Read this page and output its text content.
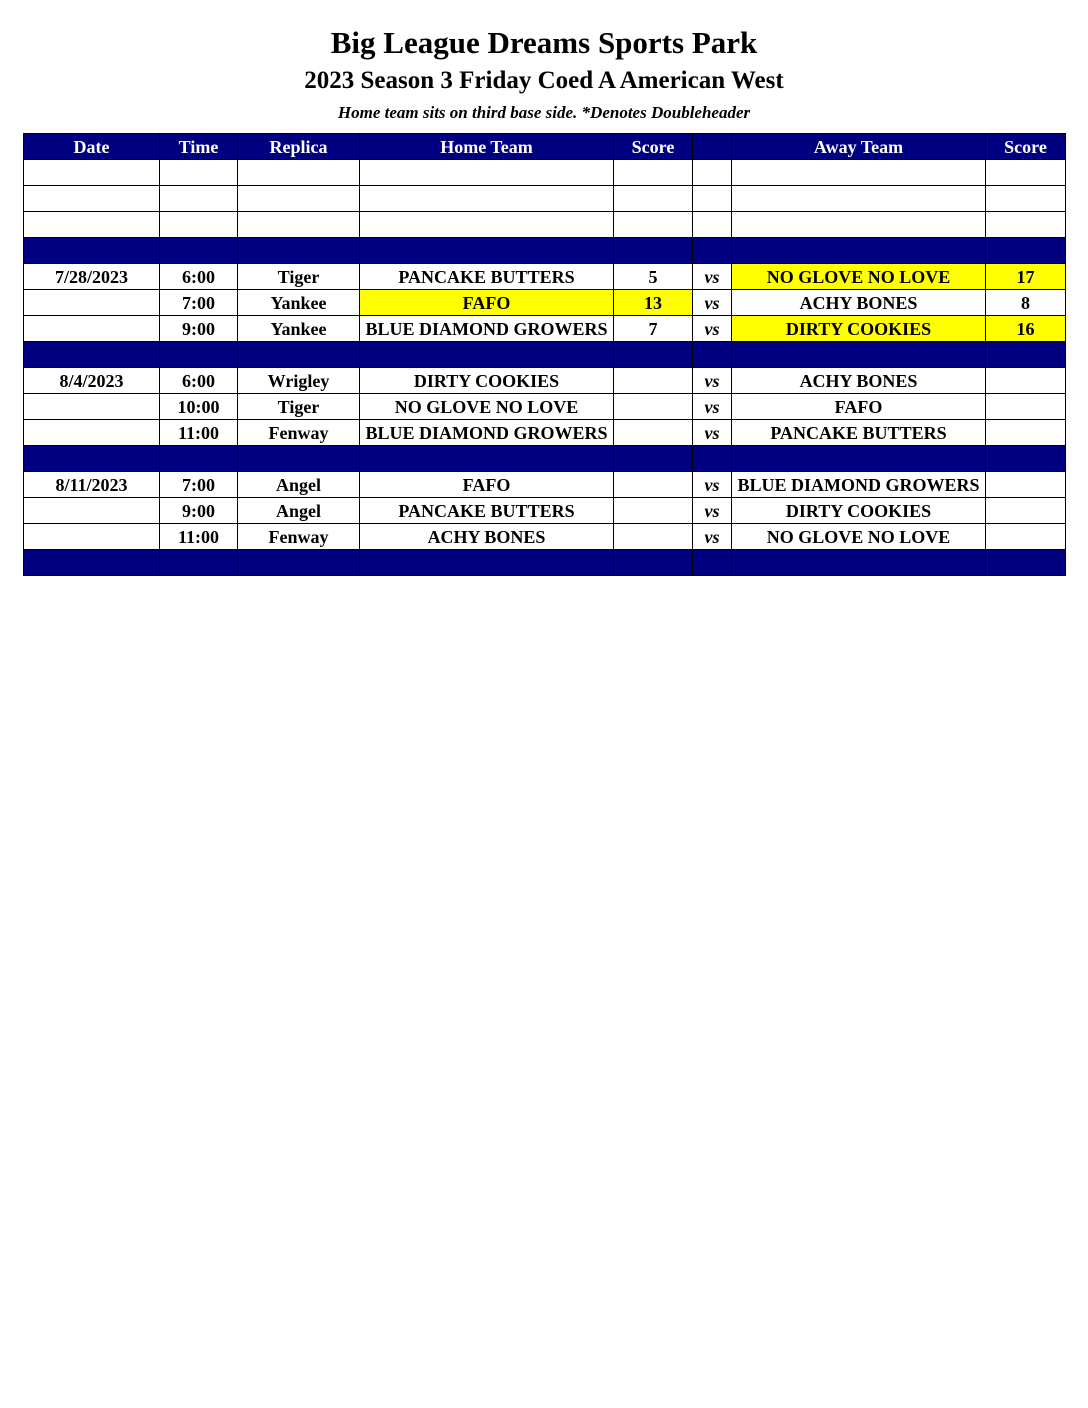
Big League Dreams Sports Park
2023 Season 3 Friday Coed A American West
Home team sits on third base side. *Denotes Doubleheader
Date	Time	Replica	Home Team	Score		Away Team	Score

7/28/2023	6:00	Tiger	PANCAKE BUTTERS	5	vs	NO GLOVE NO LOVE	17
	7:00	Yankee	FAFO	13	vs	ACHY BONES	8
	9:00	Yankee	BLUE DIAMOND GROWERS	7	vs	DIRTY COOKIES	16

8/4/2023	6:00	Wrigley	DIRTY COOKIES		vs	ACHY BONES	
	10:00	Tiger	NO GLOVE NO LOVE		vs	FAFO	
	11:00	Fenway	BLUE DIAMOND GROWERS		vs	PANCAKE BUTTERS	

8/11/2023	7:00	Angel	FAFO		vs	BLUE DIAMOND GROWERS	
	9:00	Angel	PANCAKE BUTTERS		vs	DIRTY COOKIES	
	11:00	Fenway	ACHY BONES		vs	NO GLOVE NO LOVE	
